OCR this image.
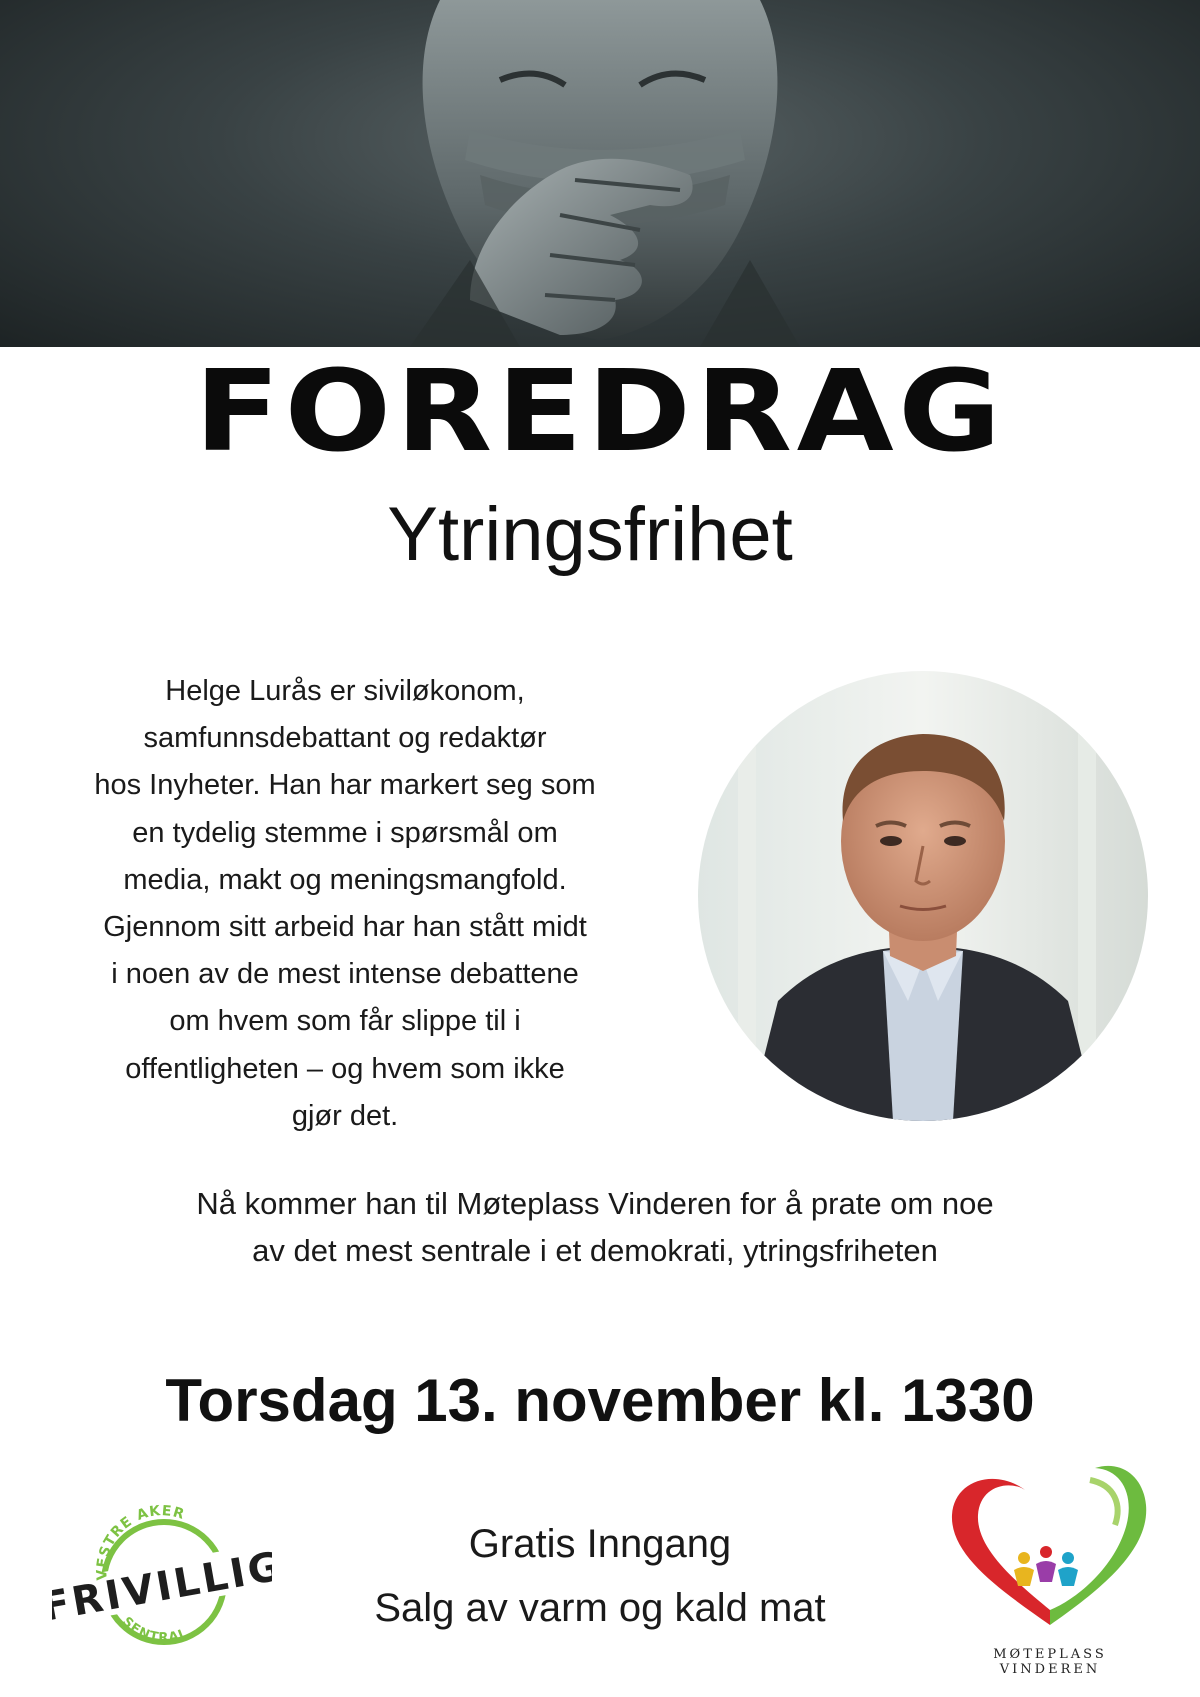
FOREDRAG
Ytringsfrihet
Helge Lurås er siviløkonom,
samfunnsdebattant og redaktør
hos Inyheter. Han har markert seg som
en tydelig stemme i spørsmål om
media, makt og meningsmangfold.
Gjennom sitt arbeid har han stått midt
i noen av de mest intense debattene
om hvem som får slippe til i
offentligheten – og hvem som ikke
gjør det.
Nå kommer han til Møteplass Vinderen for å prate om noe
av det mest sentrale i et demokrati, ytringsfriheten
Torsdag 13. november kl. 1330
Gratis Inngang
Salg av varm og kald mat
FRIVILLIG
VESTRE AKER
SENTRAL
MØTEPLASS VINDEREN
